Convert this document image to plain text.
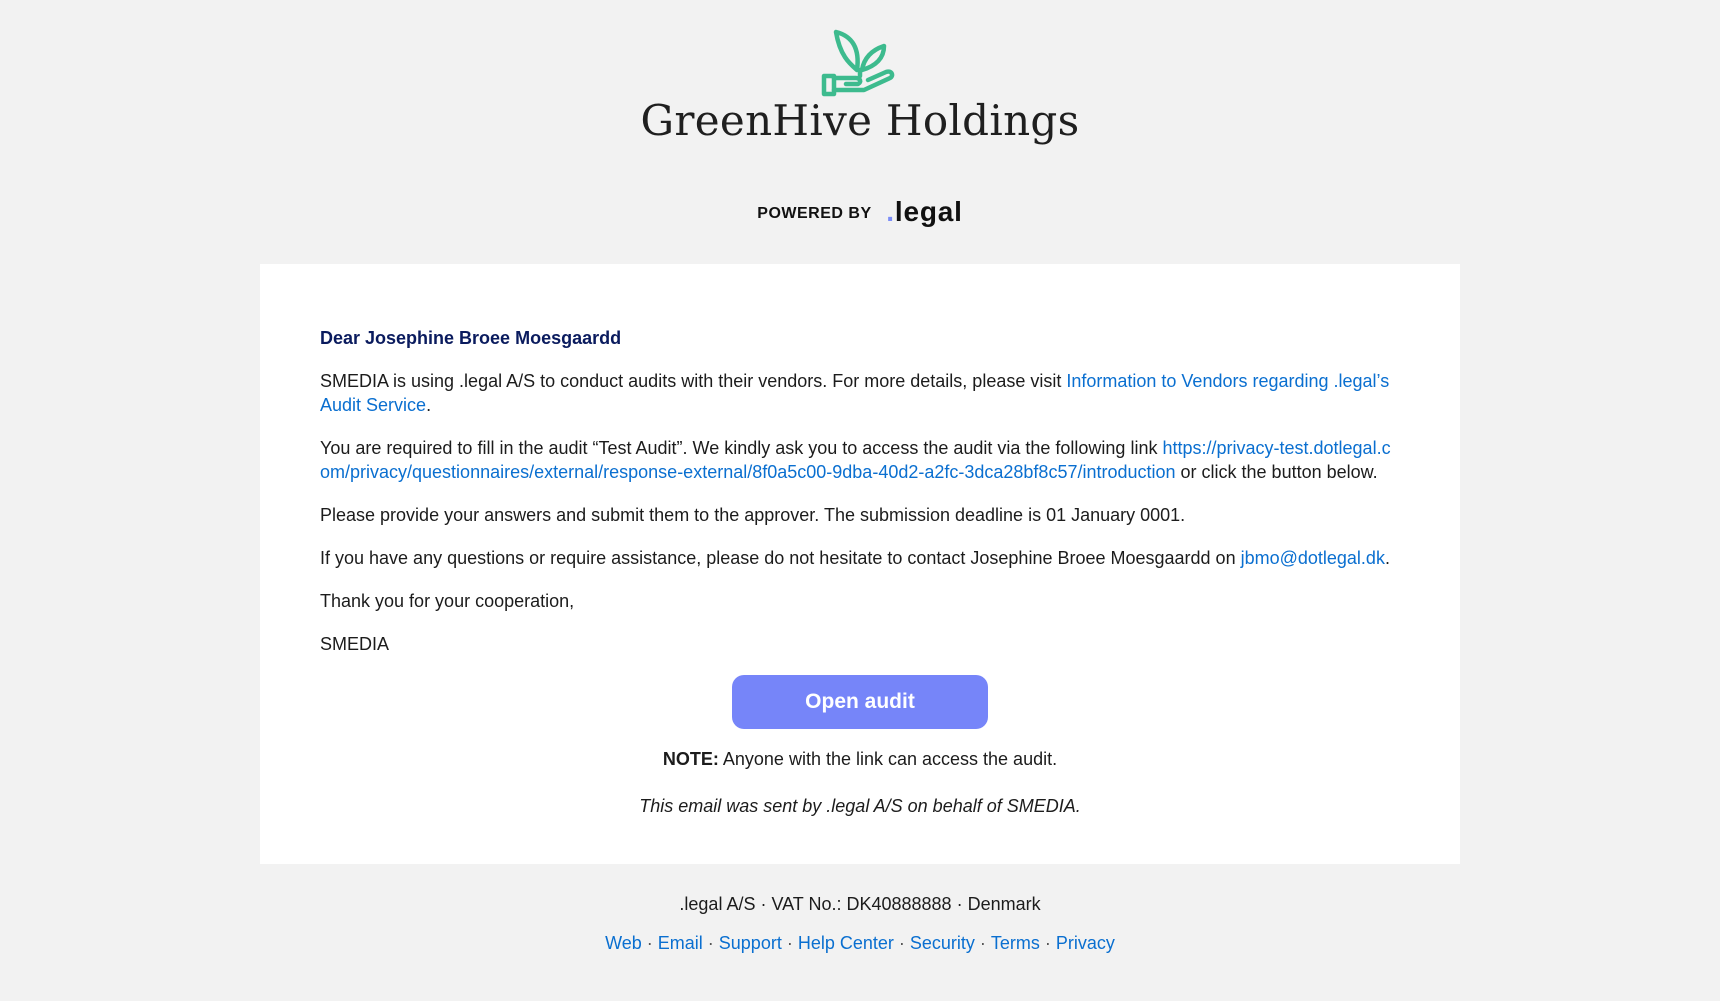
GreenHive Holdings
POWERED BY .legal

Dear Josephine Broee Moesgaardd

SMEDIA is using .legal A/S to conduct audits with their vendors. For more details, please visit Information to Vendors regarding .legal’s Audit Service.

You are required to fill in the audit “Test Audit”. We kindly ask you to access the audit via the following link https://privacy-test.dotlegal.com/privacy/questionnaires/external/response-external/8f0a5c00-9dba-40d2-a2fc-3dca28bf8c57/introduction or click the button below.

Please provide your answers and submit them to the approver. The submission deadline is 01 January 0001.

If you have any questions or require assistance, please do not hesitate to contact Josephine Broee Moesgaardd on jbmo@dotlegal.dk.

Thank you for your cooperation,

SMEDIA

Open audit
NOTE: Anyone with the link can access the audit.
This email was sent by .legal A/S on behalf of SMEDIA.
.legal A/S · VAT No.: DK40888888 · Denmark
Web · Email · Support · Help Center · Security · Terms · Privacy
